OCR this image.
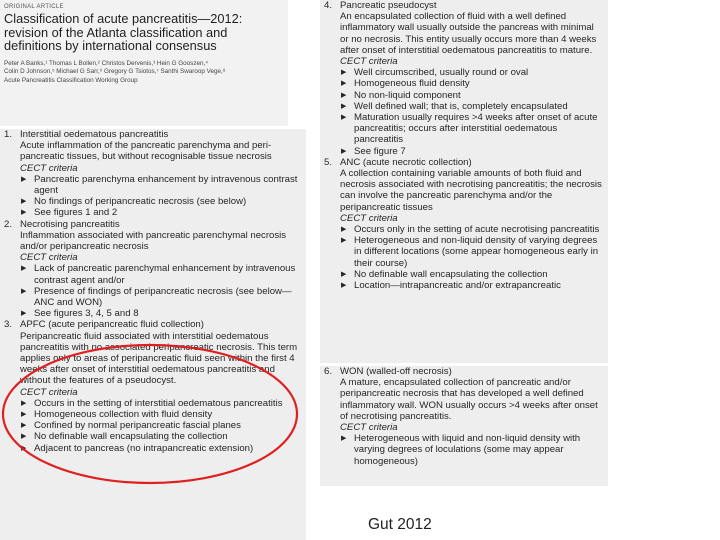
ORIGINAL ARTICLE
Classification of acute pancreatitis—2012: revision of the Atlanta classification and definitions by international consensus
Peter A Banks,¹ Thomas L Bollen,² Christos Dervenis,³ Hein G Gooszen,⁴
Colin D Johnson,⁵ Michael G Sarr,⁶ Gregory G Tsiotos,⁷ Santhi Swaroop Vege,⁸
Acute Pancreatitis Classification Working Group
1. Interstitial oedematous pancreatitis
Acute inflammation of the pancreatic parenchyma and peri-pancreatic tissues, but without recognisable tissue necrosis
CECT criteria
▶ Pancreatic parenchyma enhancement by intravenous contrast agent
▶ No findings of peripancreatic necrosis (see below)
▶ See figures 1 and 2
2. Necrotising pancreatitis
Inflammation associated with pancreatic parenchymal necrosis and/or peripancreatic necrosis
CECT criteria
▶ Lack of pancreatic parenchymal enhancement by intravenous contrast agent and/or
▶ Presence of findings of peripancreatic necrosis (see below—ANC and WON)
▶ See figures 3, 4, 5 and 8
3. APFC (acute peripancreatic fluid collection)
Peripancreatic fluid associated with interstitial oedematous pancreatitis with no associated peripancreatic necrosis. This term applies only to areas of peripancreatic fluid seen within the first 4 weeks after onset of interstitial oedematous pancreatitis and without the features of a pseudocyst.
CECT criteria
▶ Occurs in the setting of interstitial oedematous pancreatitis
▶ Homogeneous collection with fluid density
▶ Confined by normal peripancreatic fascial planes
▶ No definable wall encapsulating the collection
▶ Adjacent to pancreas (no intrapancreatic extension)
4. Pancreatic pseudocyst
An encapsulated collection of fluid with a well defined inflammatory wall usually outside the pancreas with minimal or no necrosis. This entity usually occurs more than 4 weeks after onset of interstitial oedematous pancreatitis to mature.
CECT criteria
▶ Well circumscribed, usually round or oval
▶ Homogeneous fluid density
▶ No non-liquid component
▶ Well defined wall; that is, completely encapsulated
▶ Maturation usually requires >4 weeks after onset of acute pancreatitis; occurs after interstitial oedematous pancreatitis
▶ See figure 7
5. ANC (acute necrotic collection)
A collection containing variable amounts of both fluid and necrosis associated with necrotising pancreatitis; the necrosis can involve the pancreatic parenchyma and/or the peripancreatic tissues
CECT criteria
▶ Occurs only in the setting of acute necrotising pancreatitis
▶ Heterogeneous and non-liquid density of varying degrees in different locations (some appear homogeneous early in their course)
▶ No definable wall encapsulating the collection
▶ Location—intrapancreatic and/or extrapancreatic
6. WON (walled-off necrosis)
A mature, encapsulated collection of pancreatic and/or peripancreatic necrosis that has developed a well defined inflammatory wall. WON usually occurs >4 weeks after onset of necrotising pancreatitis.
CECT criteria
▶ Heterogeneous with liquid and non-liquid density with varying degrees of loculations (some may appear homogeneous)
Gut 2012
